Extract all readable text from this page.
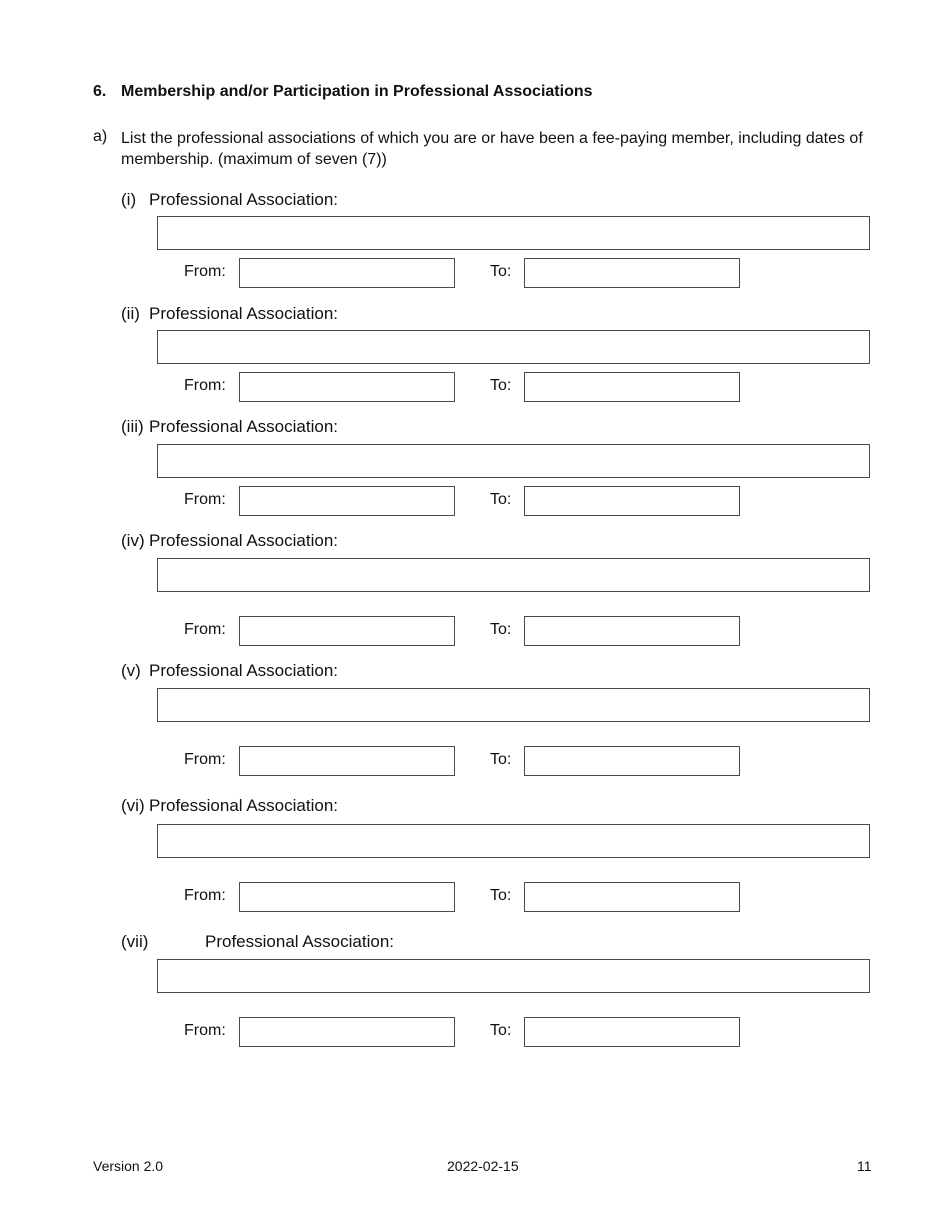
6. Membership and/or Participation in Professional Associations
a) List the professional associations of which you are or have been a fee-paying member, including dates of membership. (maximum of seven (7))
(i) Professional Association:
From:	To:
(ii) Professional Association:
From:	To:
(iii) Professional Association:
From:	To:
(iv) Professional Association:
From:	To:
(v) Professional Association:
From:	To:
(vi) Professional Association:
From:	To:
(vii)	Professional Association:
From:	To:
Version 2.0	2022-02-15	11
